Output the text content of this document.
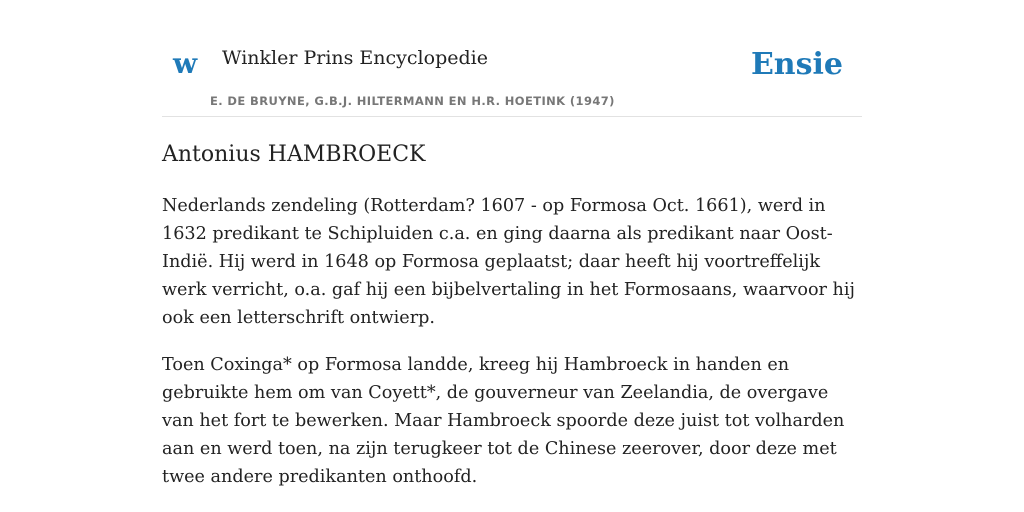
w Winkler Prins Encyclopedie
E. DE BRUYNE, G.B.J. HILTERMANN EN H.R. HOETINK (1947)
Ensie
Antonius HAMBROECK

Nederlands zendeling (Rotterdam? 1607 - op Formosa Oct. 1661), werd in 1632 predikant te Schipluiden c.a. en ging daarna als predikant naar Oost-Indië. Hij werd in 1648 op Formosa geplaatst; daar heeft hij voortreffelijk werk verricht, o.a. gaf hij een bijbelvertaling in het Formosaans, waarvoor hij ook een letterschrift ontwierp.

Toen Coxinga* op Formosa landde, kreeg hij Hambroeck in handen en gebruikte hem om van Coyett*, de gouverneur van Zeelandia, de overgave van het fort te bewerken. Maar Hambroeck spoorde deze juist tot volharden aan en werd toen, na zijn terugkeer tot de Chinese zeerover, door deze met twee andere predikanten onthoofd.
